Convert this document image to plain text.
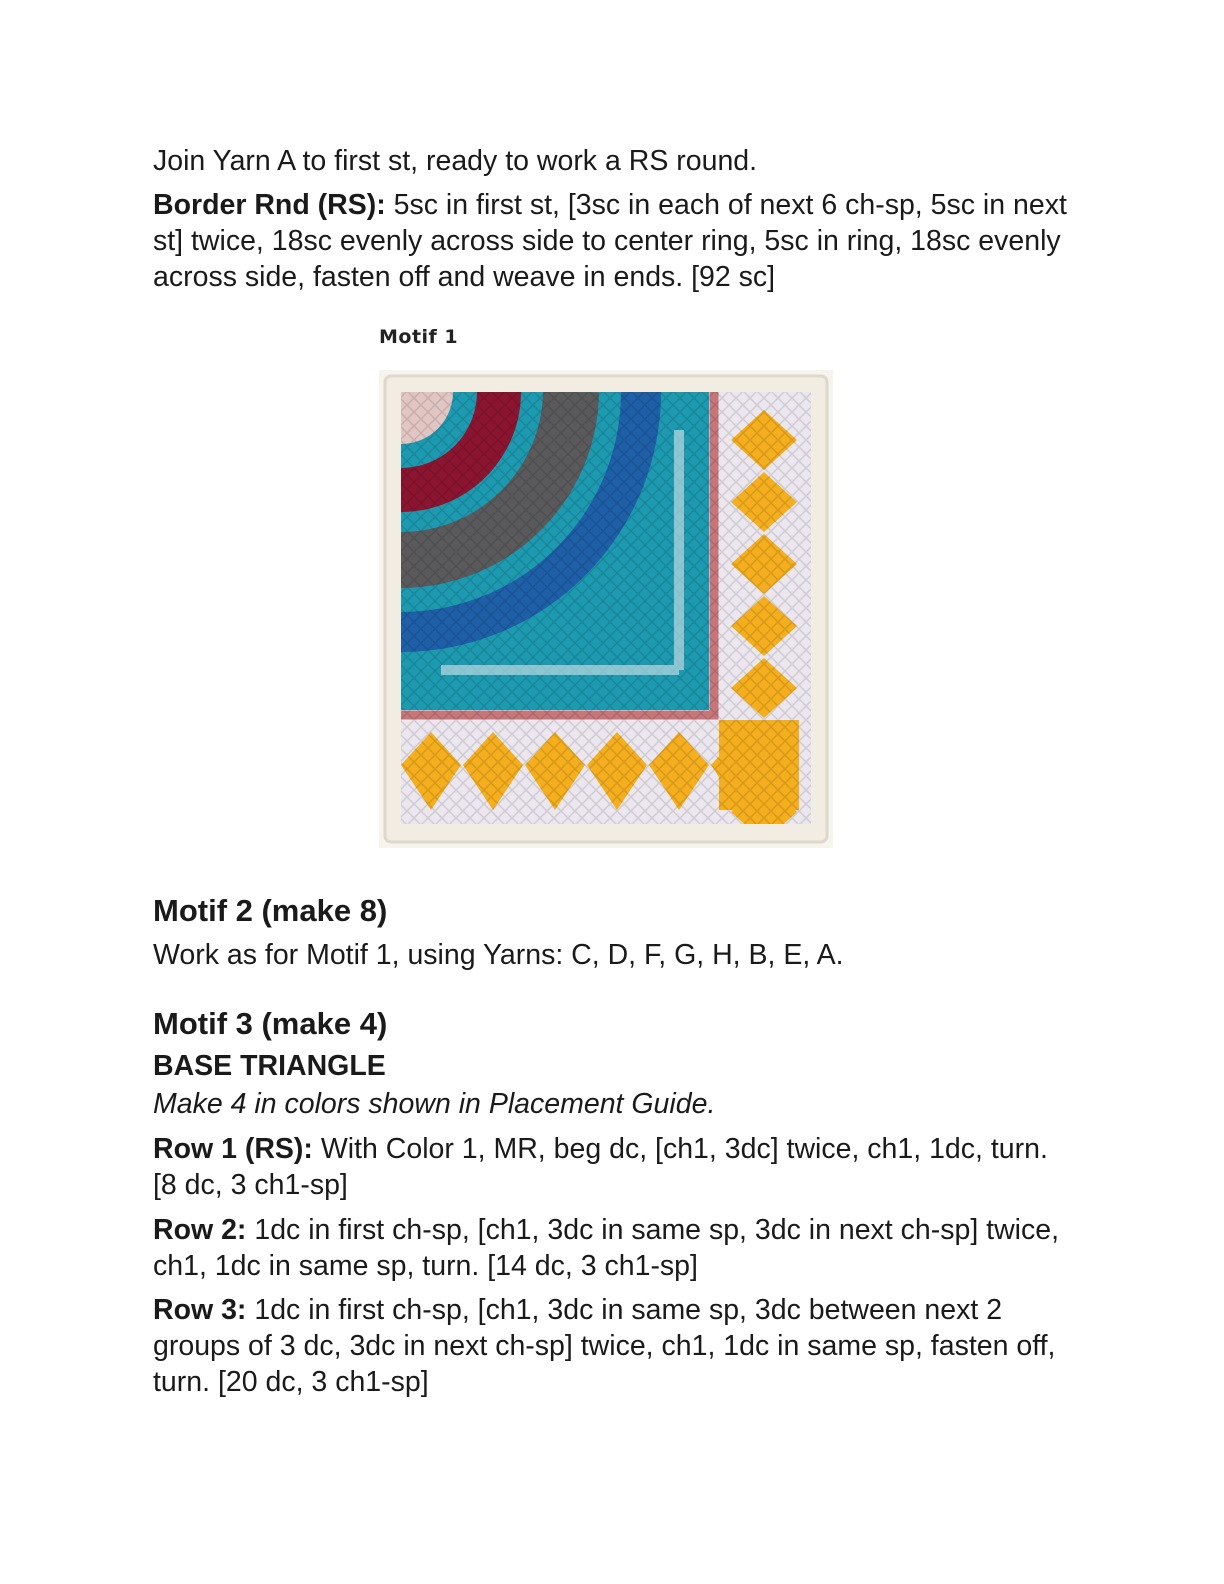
Join Yarn A to first st, ready to work a RS round.

Border Rnd (RS): 5sc in first st, [3sc in each of next 6 ch-sp, 5sc in next st] twice, 18sc evenly across side to center ring, 5sc in ring, 18sc evenly across side, fasten off and weave in ends. [92 sc]

Motif 1
Motif 2 (make 8)

Work as for Motif 1, using Yarns: C, D, F, G, H, B, E, A.

Motif 3 (make 4)
BASE TRIANGLE
Make 4 in colors shown in Placement Guide.

Row 1 (RS): With Color 1, MR, beg dc, [ch1, 3dc] twice, ch1, 1dc, turn. [8 dc, 3 ch1-sp]

Row 2: 1dc in first ch-sp, [ch1, 3dc in same sp, 3dc in next ch-sp] twice, ch1, 1dc in same sp, turn. [14 dc, 3 ch1-sp]

Row 3: 1dc in first ch-sp, [ch1, 3dc in same sp, 3dc between next 2 groups of 3 dc, 3dc in next ch-sp] twice, ch1, 1dc in same sp, fasten off, turn. [20 dc, 3 ch1-sp]
